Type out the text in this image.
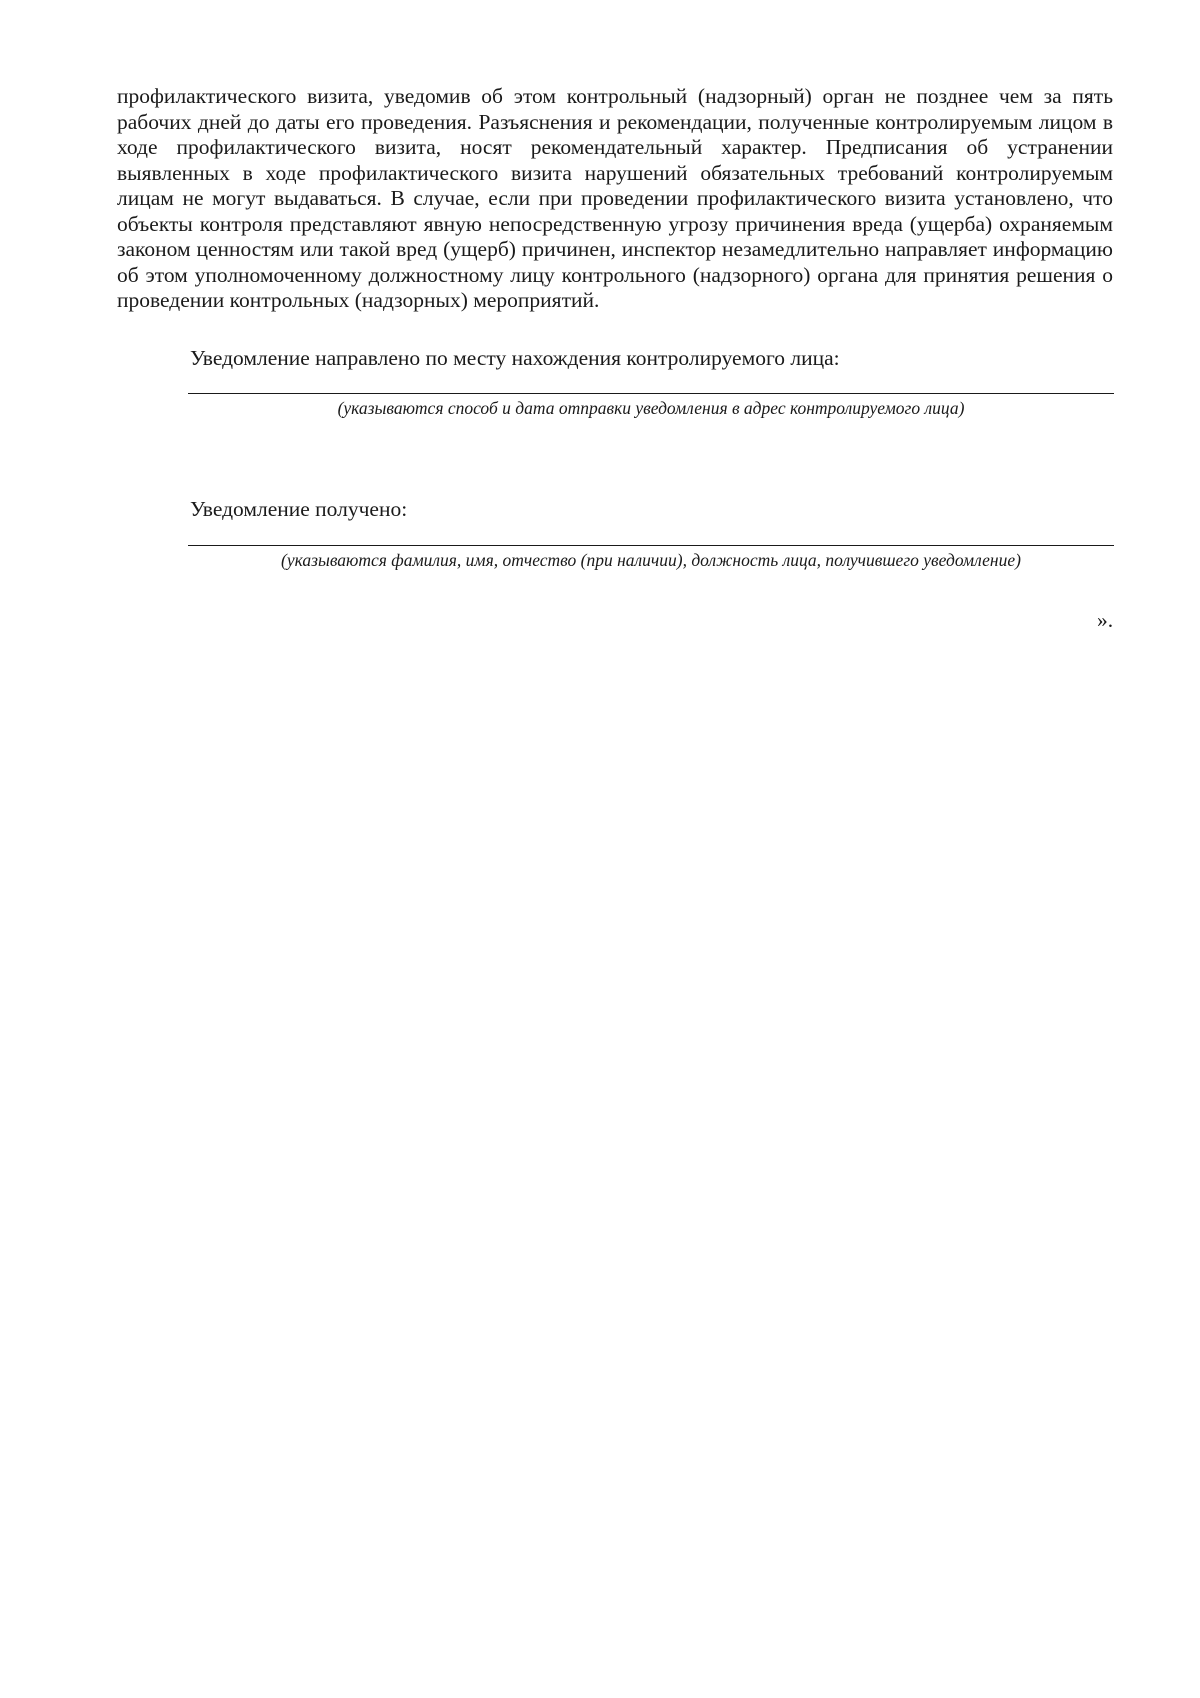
профилактического визита, уведомив об этом контрольный (надзорный) орган не позднее чем за пять рабочих дней до даты его проведения. Разъяснения и рекомендации, полученные контролируемым лицом в ходе профилактического визита, носят рекомендательный характер. Предписания об устранении выявленных в ходе профилактического визита нарушений обязательных требований контролируемым лицам не могут выдаваться. В случае, если при проведении профилактического визита установлено, что объекты контроля представляют явную непосредственную угрозу причинения вреда (ущерба) охраняемым законом ценностям или такой вред (ущерб) причинен, инспектор незамедлительно направляет информацию об этом уполномоченному должностному лицу контрольного (надзорного) органа для принятия решения о проведении контрольных (надзорных) мероприятий.

Уведомление направлено по месту нахождения контролируемого лица:

(указываются способ и дата отправки уведомления в адрес контролируемого лица)

Уведомление получено:

(указываются фамилия, имя, отчество (при наличии), должность лица, получившего уведомление)

».
